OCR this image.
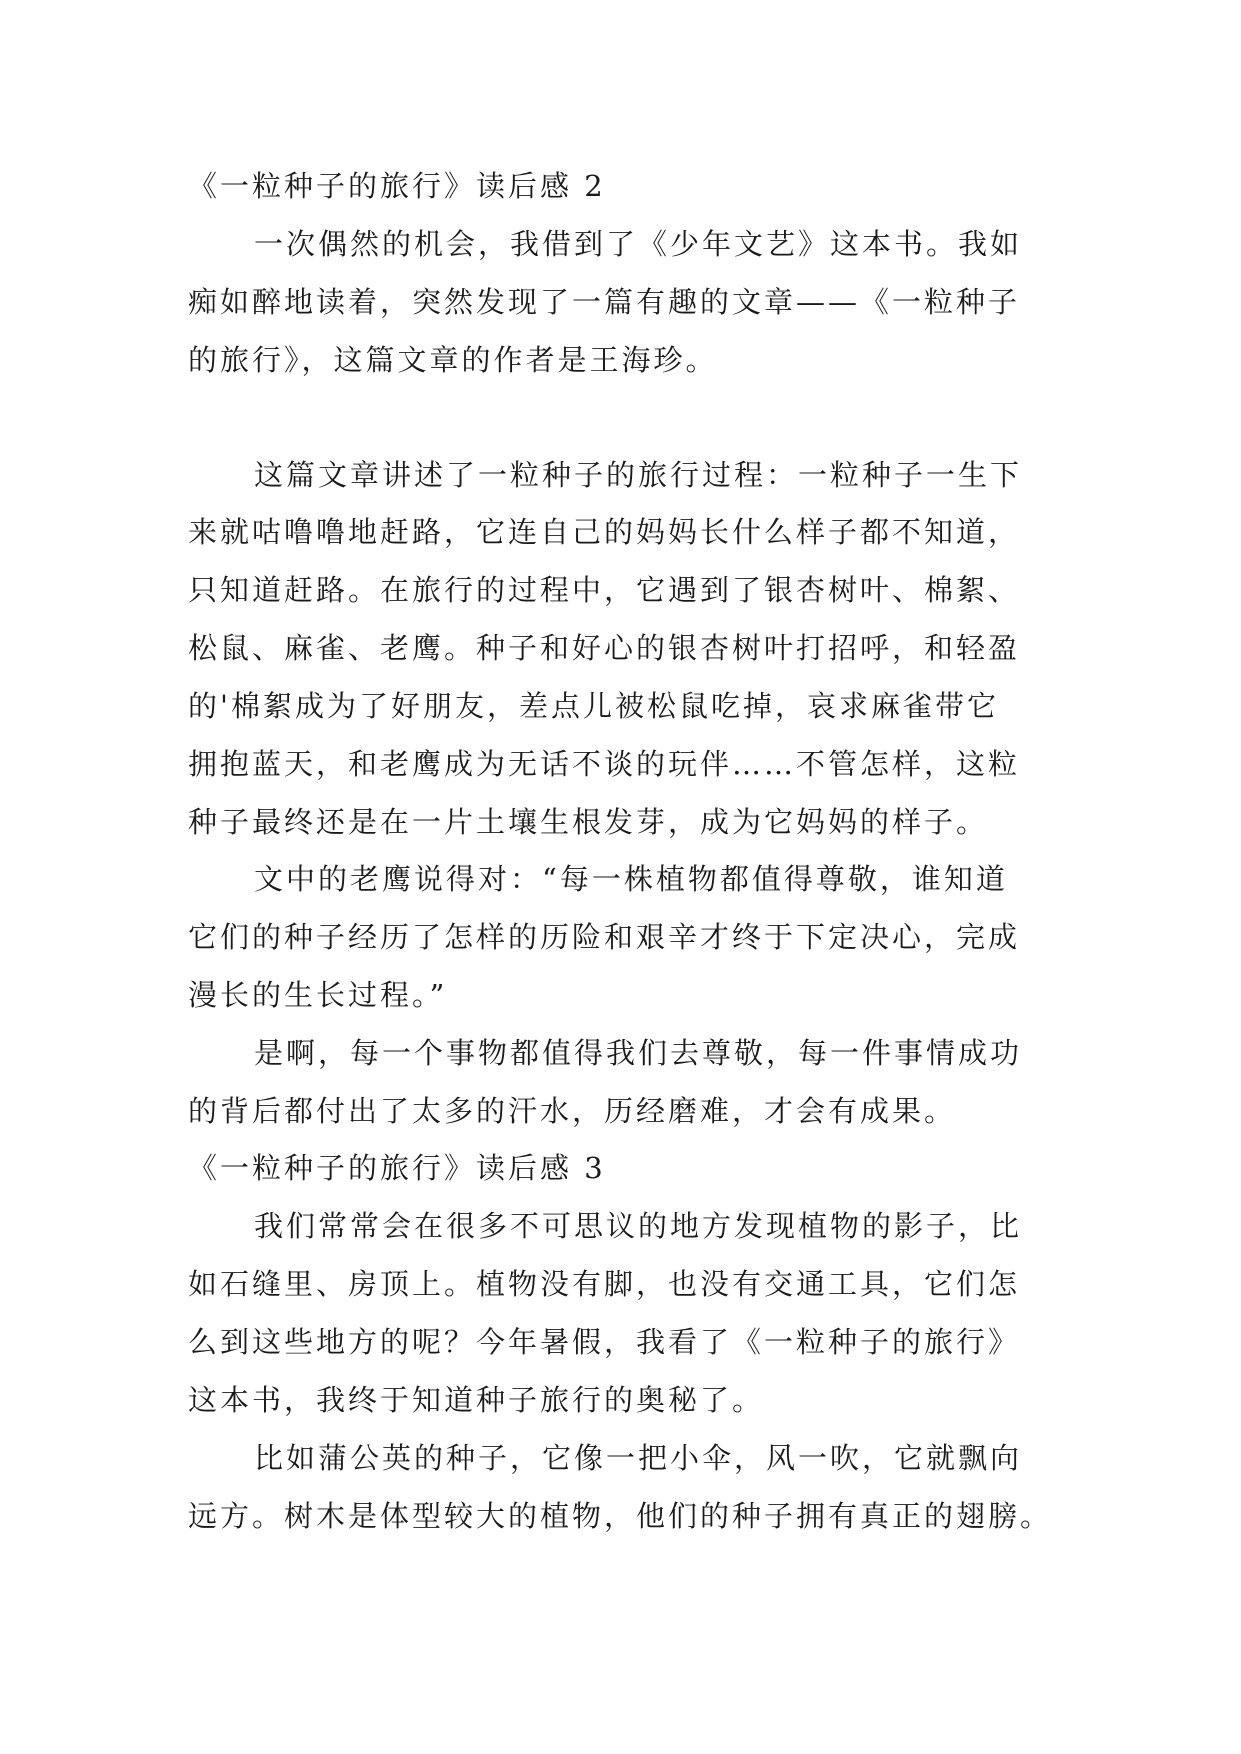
《一粒种子的旅行》读后感 2
一次偶然的机会，我借到了《少年文艺》这本书。我如
痴如醉地读着，突然发现了一篇有趣的文章——《一粒种子
的旅行》，这篇文章的作者是王海珍。
这篇文章讲述了一粒种子的旅行过程：一粒种子一生下
来就咕噜噜地赶路，它连自己的妈妈长什么样子都不知道，
只知道赶路。在旅行的过程中，它遇到了银杏树叶、棉絮、
松鼠、麻雀、老鹰。种子和好心的银杏树叶打招呼，和轻盈
的'棉絮成为了好朋友，差点儿被松鼠吃掉，哀求麻雀带它
拥抱蓝天，和老鹰成为无话不谈的玩伴……不管怎样，这粒
种子最终还是在一片土壤生根发芽，成为它妈妈的样子。
文中的老鹰说得对：“每一株植物都值得尊敬，谁知道
它们的种子经历了怎样的历险和艰辛才终于下定决心，完成
漫长的生长过程。”
是啊，每一个事物都值得我们去尊敬，每一件事情成功
的背后都付出了太多的汗水，历经磨难，才会有成果。
《一粒种子的旅行》读后感 3
我们常常会在很多不可思议的地方发现植物的影子，比
如石缝里、房顶上。植物没有脚，也没有交通工具，它们怎
么到这些地方的呢？今年暑假，我看了《一粒种子的旅行》
这本书，我终于知道种子旅行的奥秘了。
比如蒲公英的种子，它像一把小伞，风一吹，它就飘向
远方。树木是体型较大的植物，他们的种子拥有真正的翅膀。
